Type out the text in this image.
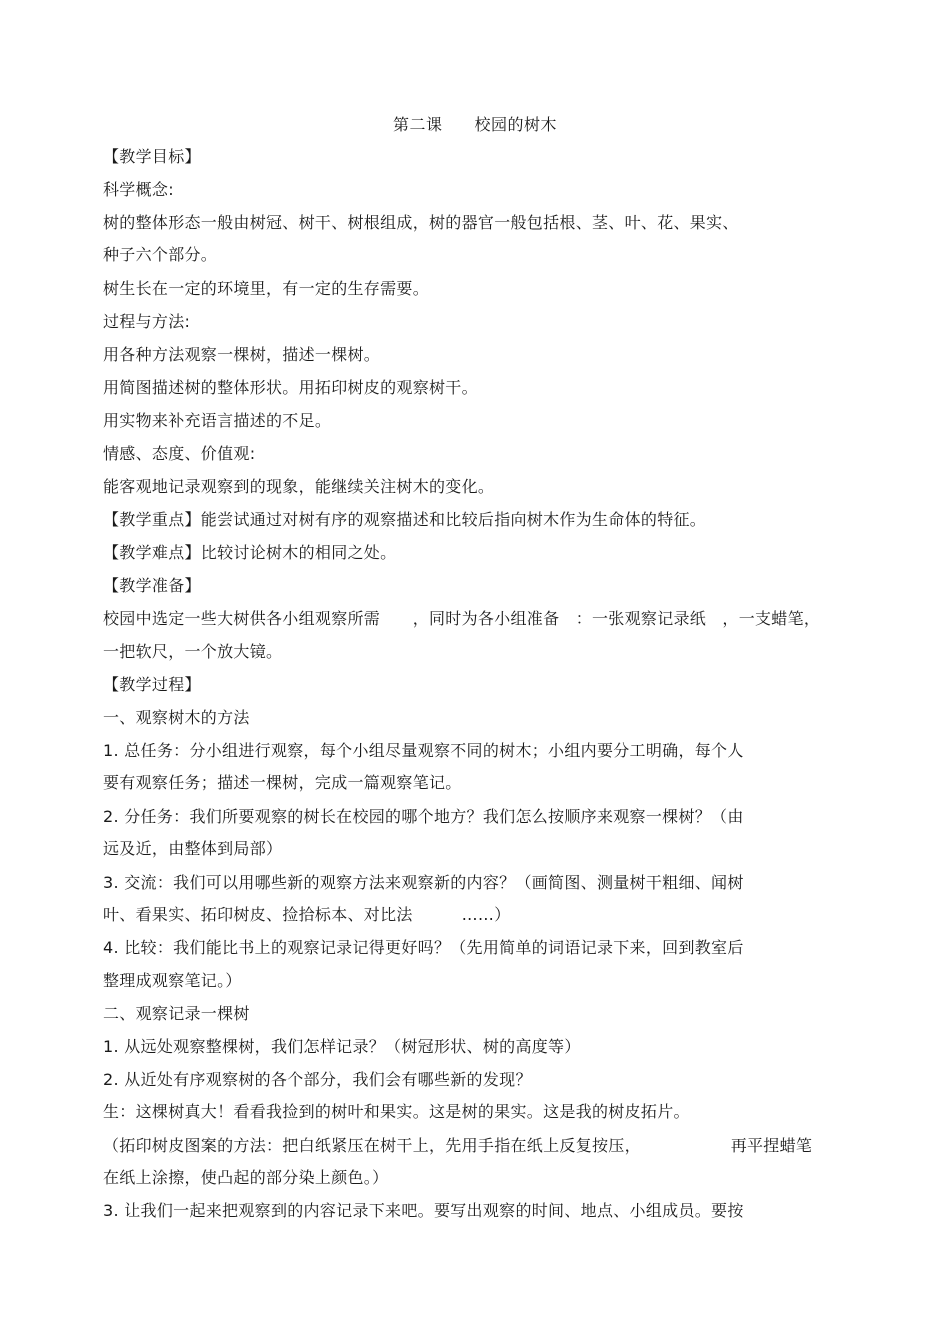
第二课 校园的树木
【教学目标】
科学概念:
树的整体形态一般由树冠、树干、树根组成，树的器官一般包括根、茎、叶、花、果实、
种子六个部分。
树生长在一定的环境里，有一定的生存需要。
过程与方法:
用各种方法观察一棵树，描述一棵树。
用简图描述树的整体形状。用拓印树皮的观察树干。
用实物来补充语言描述的不足。
情感、态度、价值观:
能客观地记录观察到的现象，能继续关注树木的变化。
【教学重点】能尝试通过对树有序的观察描述和比较后指向树木作为生命体的特征。
【教学难点】比较讨论树木的相同之处。
【教学准备】
校园中选定一些大树供各小组观察所需　　，同时为各小组准备　：一张观察记录纸　，一支蜡笔，
一把软尺，一个放大镜。
【教学过程】
一、观察树木的方法
1. 总任务：分小组进行观察，每个小组尽量观察不同的树木；小组内要分工明确，每个人
要有观察任务；描述一棵树，完成一篇观察笔记。
2. 分任务：我们所要观察的树长在校园的哪个地方？我们怎么按顺序来观察一棵树？（由
远及近，由整体到局部）
3. 交流：我们可以用哪些新的观察方法来观察新的内容？（画简图、测量树干粗细、闻树
叶、看果实、拓印树皮、捡拾标本、对比法　　　……）
4. 比较：我们能比书上的观察记录记得更好吗？（先用简单的词语记录下来，回到教室后
整理成观察笔记。）
二、观察记录一棵树
1. 从远处观察整棵树，我们怎样记录？（树冠形状、树的高度等）
2. 从近处有序观察树的各个部分，我们会有哪些新的发现？
生：这棵树真大！看看我捡到的树叶和果实。这是树的果实。这是我的树皮拓片。
（拓印树皮图案的方法：把白纸紧压在树干上，先用手指在纸上反复按压，　　　　　　再平捏蜡笔
在纸上涂擦，使凸起的部分染上颜色。）
3. 让我们一起来把观察到的内容记录下来吧。要写出观察的时间、地点、小组成员。要按
